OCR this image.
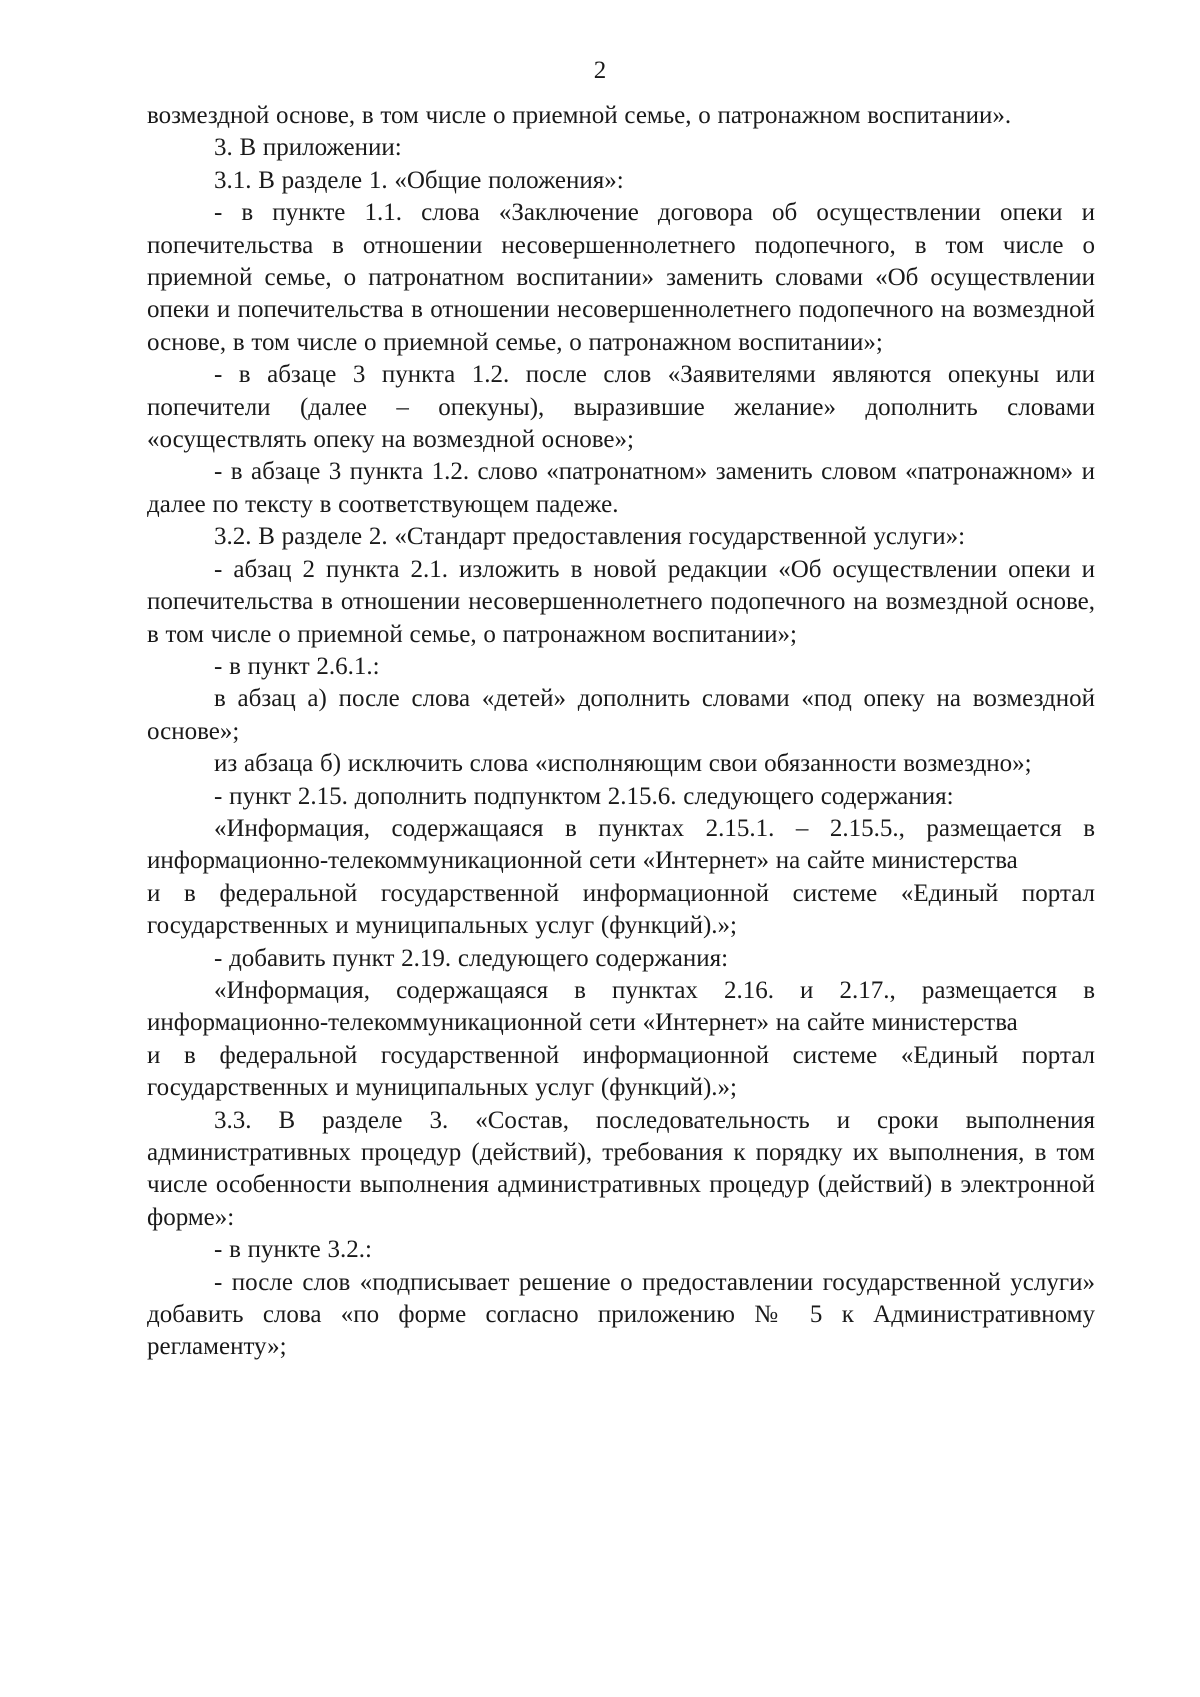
2

возмездной основе, в том числе о приемной семье, о патронажном воспитании».

3. В приложении:

3.1. В разделе 1. «Общие положения»:

- в пункте 1.1. слова «Заключение договора об осуществлении опеки и попечительства в отношении несовершеннолетнего подопечного, в том числе о приемной семье, о патронатном воспитании» заменить словами «Об осуществлении опеки и попечительства в отношении несовершеннолетнего подопечного на возмездной основе, в том числе о приемной семье, о патронажном воспитании»;

- в абзаце 3 пункта 1.2. после слов «Заявителями являются опекуны или попечители (далее – опекуны), выразившие желание» дополнить словами «осуществлять опеку на возмездной основе»;

- в абзаце 3 пункта 1.2. слово «патронатном» заменить словом «патронажном» и далее по тексту в соответствующем падеже.

3.2. В разделе 2. «Стандарт предоставления государственной услуги»:

- абзац 2 пункта 2.1. изложить в новой редакции «Об осуществлении опеки и попечительства в отношении несовершеннолетнего подопечного на возмездной основе, в том числе о приемной семье, о патронажном воспитании»;

- в пункт 2.6.1.:

в абзац а) после слова «детей» дополнить словами «под опеку на возмездной основе»;

из абзаца б) исключить слова «исполняющим свои обязанности возмездно»;

- пункт 2.15. дополнить подпунктом 2.15.6. следующего содержания:

«Информация, содержащаяся в пунктах 2.15.1. – 2.15.5., размещается в информационно-телекоммуникационной сети «Интернет» на сайте министерства

и в федеральной государственной информационной системе «Единый портал государственных и муниципальных услуг (функций).»;

- добавить пункт 2.19. следующего содержания:

«Информация, содержащаяся в пунктах 2.16. и 2.17., размещается в информационно-телекоммуникационной сети «Интернет» на сайте министерства

и в федеральной государственной информационной системе «Единый портал государственных и муниципальных услуг (функций).»;

3.3. В разделе 3. «Состав, последовательность и сроки выполнения административных процедур (действий), требования к порядку их выполнения, в том числе особенности выполнения административных процедур (действий) в электронной форме»:

- в пункте 3.2.:

- после слов «подписывает решение о предоставлении государственной услуги» добавить слова «по форме согласно приложению № 5 к Административному регламенту»;
